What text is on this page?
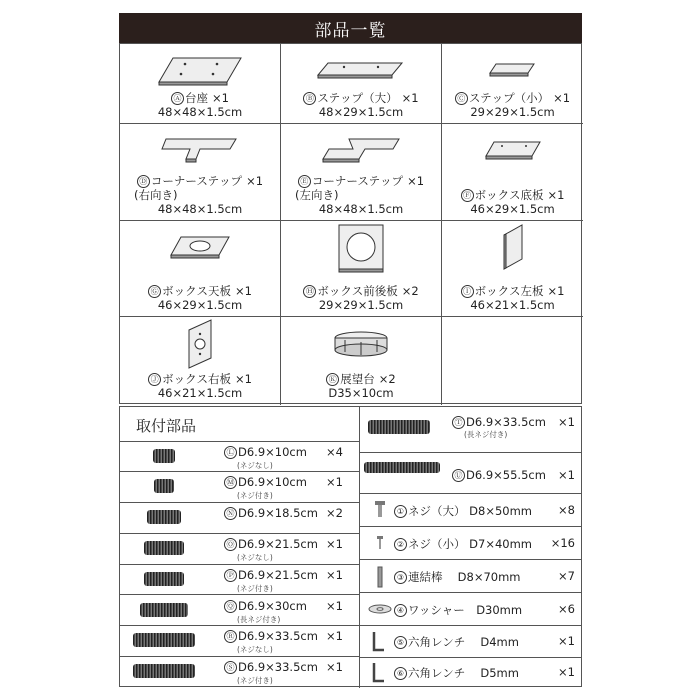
部品一覧
Ⓐ 台座 ×1
48×48×1.5cm
Ⓑ ステップ（大） ×1
48×29×1.5cm
Ⓒ ステップ（小） ×1
29×29×1.5cm
Ⓓ コーナーステップ ×1
(右向き)
48×48×1.5cm
Ⓔ コーナーステップ ×1
(左向き)
48×48×1.5cm
Ⓕ ボックス底板 ×1
46×29×1.5cm
Ⓖ ボックス天板 ×1
46×29×1.5cm
Ⓗ ボックス前後板 ×2
29×29×1.5cm
Ⓘ ボックス左板 ×1
46×21×1.5cm
Ⓙ ボックス右板 ×1
46×21×1.5cm
Ⓚ 展望台 ×2
D35×10cm
取付部品
Ⓛ D6.9×10cm
(ネジなし)
×4
Ⓜ D6.9×10cm
(ネジ付き)
×1
Ⓝ D6.9×18.5cm ×2
Ⓞ D6.9×21.5cm
(ネジなし)
×1
Ⓟ D6.9×21.5cm
(ネジ付き)
×1
Ⓠ D6.9×30cm
(長ネジ付き)
×1
Ⓡ D6.9×33.5cm
(ネジなし)
×1
Ⓢ D6.9×33.5cm
(ネジ付き)
×1
Ⓣ D6.9×33.5cm
(長ネジ付き)
×1
Ⓤ D6.9×55.5cm ×1
① ネジ（大） D8×50mm ×8
② ネジ（小） D7×40mm ×16
③ 連結棒　 D8×70mm	×7
④ ワッシャー　D30mm	×6
⑤ 六角レンチ　 D4mm	×1
⑥ 六角レンチ　 D5mm	×1
